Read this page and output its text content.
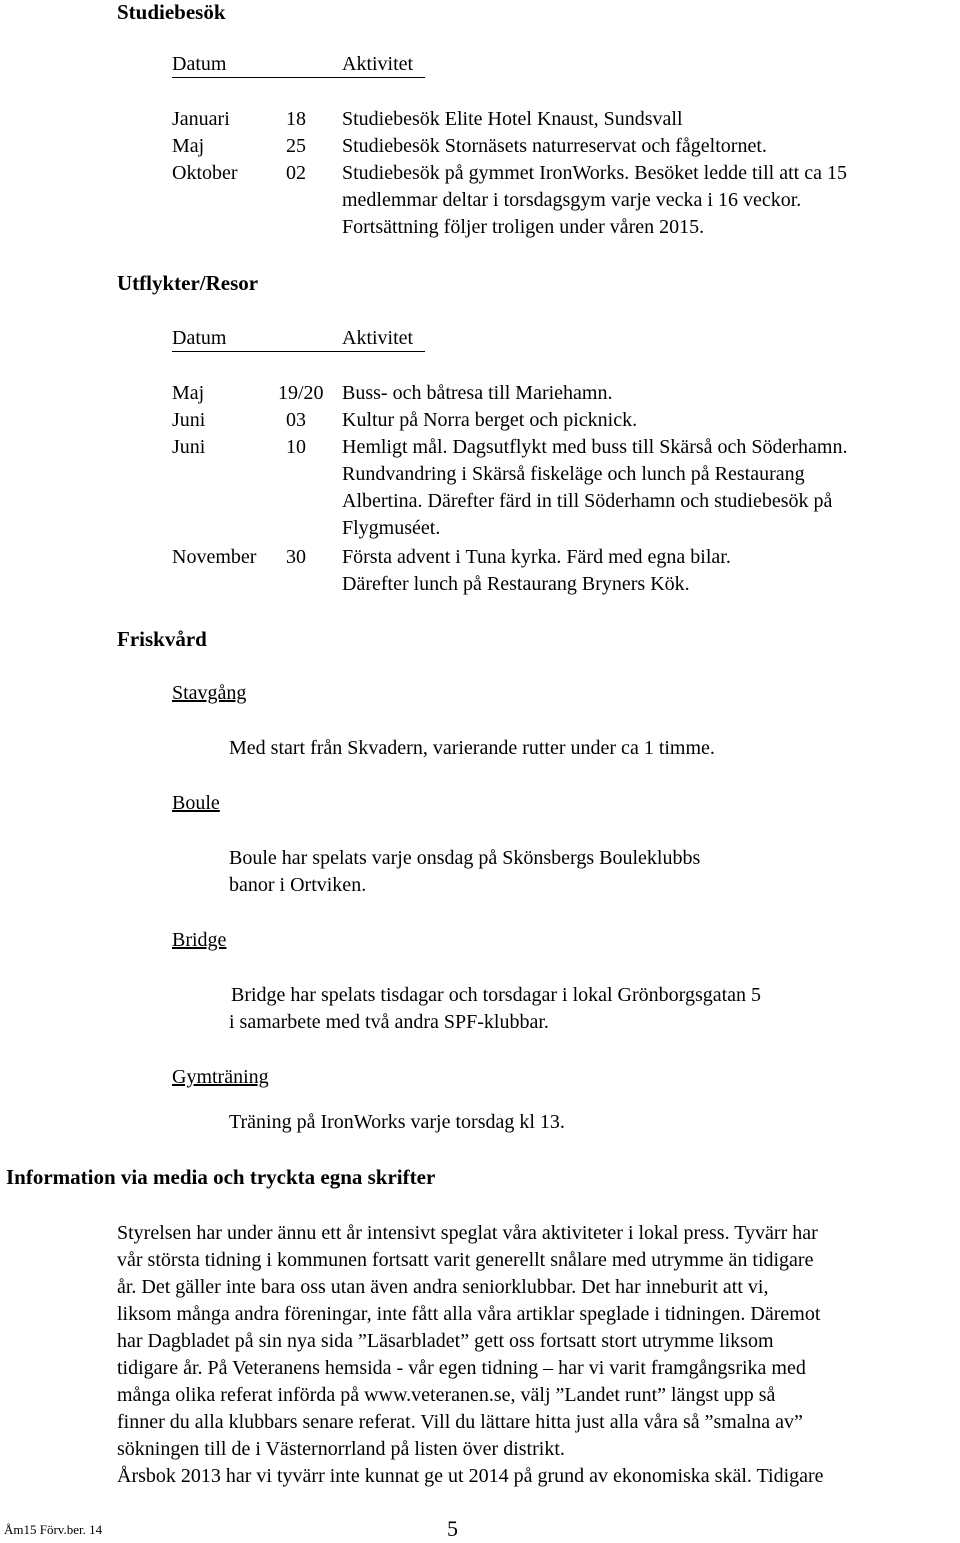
Studiebesök
Datum	Aktivitet
Januari	18 Studiebesök Elite Hotel Knaust, Sundsvall
Maj	25 Studiebesök Stornäsets naturreservat och fågeltornet.
Oktober 02 Studiebesök på gymmet IronWorks. Besöket ledde till att ca 15
medlemmar deltar i torsdagsgym varje vecka i 16 veckor.
Fortsättning följer troligen under våren 2015.
Utflykter/Resor
Datum	Aktivitet
Maj	19/20 Buss- och båtresa till Mariehamn.
Juni	03 Kultur på Norra berget och picknick.
Juni	10 Hemligt mål. Dagsutflykt med buss till Skärså och Söderhamn.
Rundvandring i Skärså fiskeläge och lunch på Restaurang
Albertina. Därefter färd in till Söderhamn och studiebesök på
Flygmuséet.
November 30 Första advent i Tuna kyrka. Färd med egna bilar.
Därefter lunch på Restaurang Bryners Kök.
Friskvård
Stavgång
Med start från Skvadern, varierande rutter under ca 1 timme.
Boule
Boule har spelats varje onsdag på Skönsbergs Bouleklubbs
banor i Ortviken.
Bridge
Bridge har spelats tisdagar och torsdagar i lokal Grönborgsgatan 5
i samarbete med två andra SPF-klubbar.
Gymträning
Träning på IronWorks varje torsdag kl 13.
Information via media och tryckta egna skrifter
Styrelsen har under ännu ett år intensivt speglat våra aktiviteter i lokal press. Tyvärr har
vår största tidning i kommunen fortsatt varit generellt snålare med utrymme än tidigare
år. Det gäller inte bara oss utan även andra seniorklubbar. Det har inneburit att vi,
liksom många andra föreningar, inte fått alla våra artiklar speglade i tidningen. Däremot
har Dagbladet på sin nya sida ”Läsarbladet” gett oss fortsatt stort utrymme liksom
tidigare år. På Veteranens hemsida - vår egen tidning – har vi varit framgångsrika med
många olika referat införda på www.veteranen.se, välj ”Landet runt” längst upp så
finner du alla klubbars senare referat. Vill du lättare hitta just alla våra så ”smalna av”
sökningen till de i Västernorrland på listen över distrikt.
Årsbok 2013 har vi tyvärr inte kunnat ge ut 2014 på grund av ekonomiska skäl. Tidigare
Åm15 Förv.ber. 14	5
